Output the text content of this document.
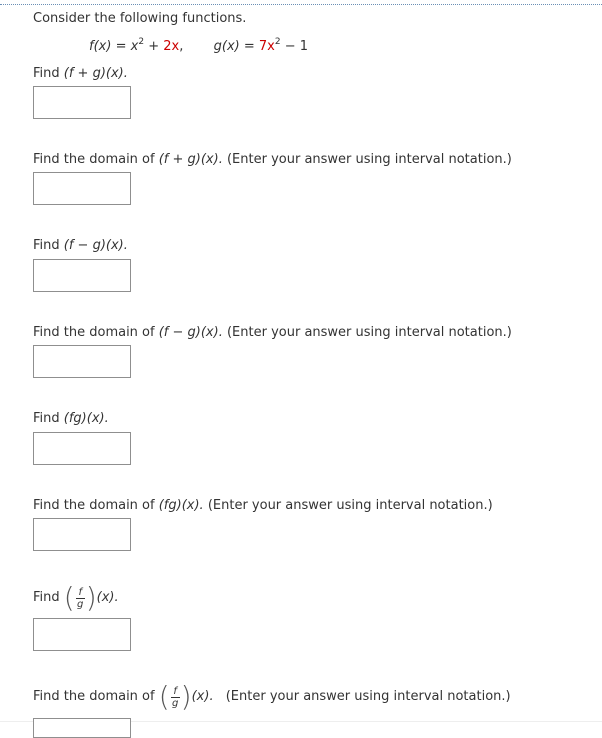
Consider the following functions.
$f(x) = x^2 + 2x$, $g(x) = 7x^2 - 1$
Find (f + g)(x).
Find the domain of (f + g)(x). (Enter your answer using interval notation.)
Find (f − g)(x).
Find the domain of (f − g)(x). (Enter your answer using interval notation.)
Find (fg)(x).
Find the domain of (fg)(x). (Enter your answer using interval notation.)
Find ( $\frac{f}{g} )(x)$.
Find the domain of ( $\frac{f}{g} )(x)$. (Enter your answer using interval notation.)
